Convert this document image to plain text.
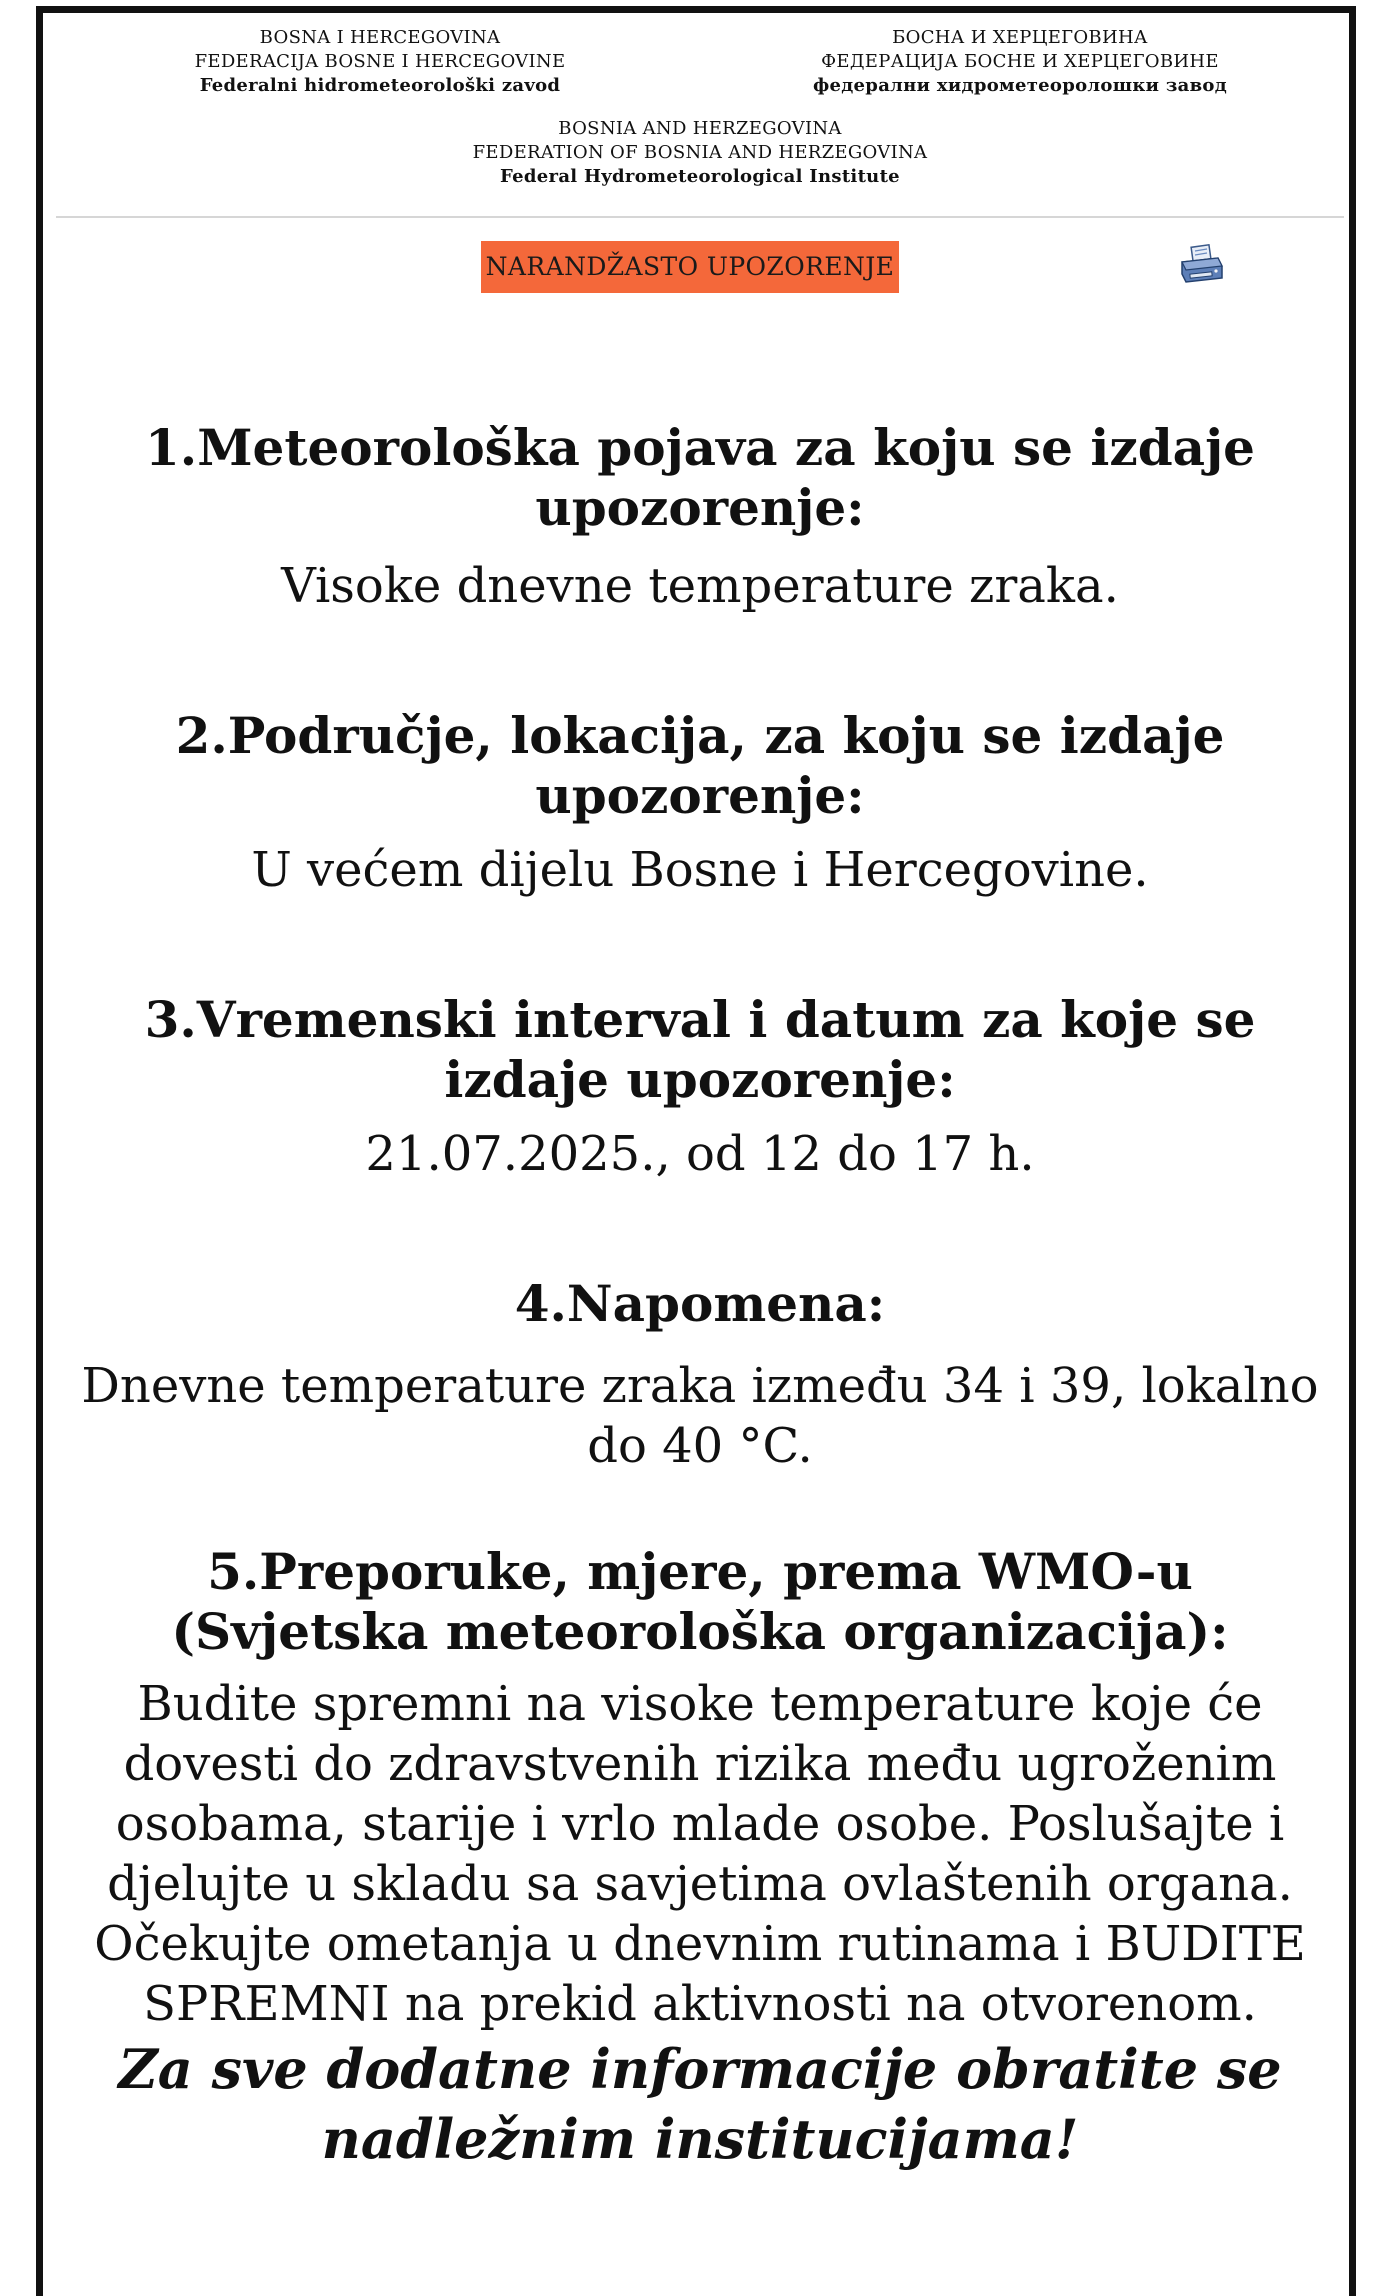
BOSNA I HERCEGOVINA
FEDERACIJA BOSNE I HERCEGOVINE
Federalni hidrometeorološki zavod
БОСНА И ХЕРЦЕГОВИНА
ФЕДЕРАЦИЈА БОСНЕ И ХЕРЦЕГОВИНЕ
федерални хидрометеоролошки завод
BOSNIA AND HERZEGOVINA
FEDERATION OF BOSNIA AND HERZEGOVINA
Federal Hydrometeorological Institute
NARANDŽASTO UPOZORENJE
1.Meteorološka pojava za koju se izdaje upozorenje:

Visoke dnevne temperature zraka.

2.Područje, lokacija, za koju se izdaje upozorenje:

U većem dijelu Bosne i Hercegovine.

3.Vremenski interval i datum za koje se izdaje upozorenje:

21.07.2025., od 12 do 17 h.

4.Napomena:

Dnevne temperature zraka između 34 i 39, lokalno do 40 °C.

5.Preporuke, mjere, prema WMO-u (Svjetska meteorološka organizacija):

Budite spremni na visoke temperature koje će dovesti do zdravstvenih rizika među ugroženim osobama, starije i vrlo mlade osobe. Poslušajte i djelujte u skladu sa savjetima ovlaštenih organa. Očekujte ometanja u dnevnim rutinama i BUDITE SPREMNI na prekid aktivnosti na otvorenom.

Za sve dodatne informacije obratite se nadležnim institucijama!
